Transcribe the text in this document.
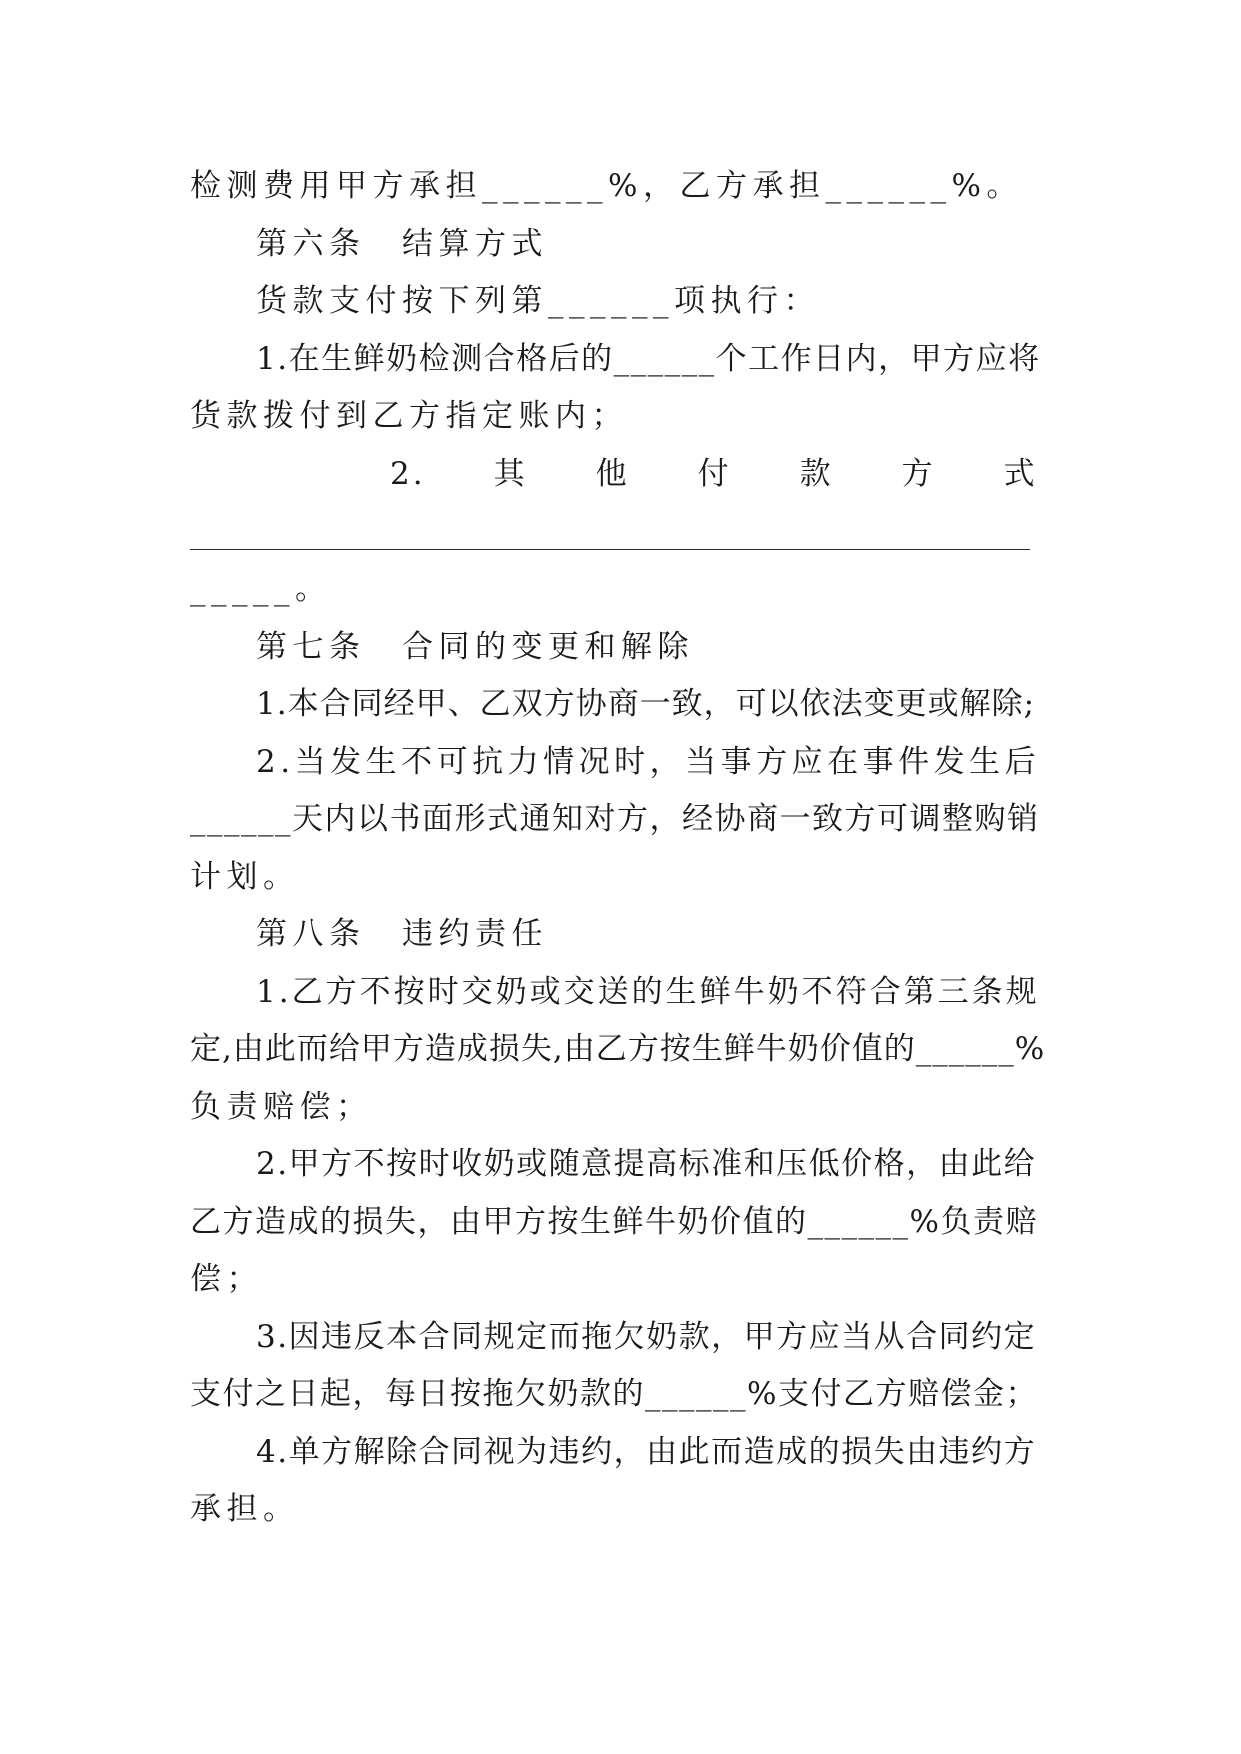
检测费用甲方承担______%，乙方承担______%。
第六条　结算方式
货款支付按下列第______项执行：
1.在生鲜奶检测合格后的______个工作日内，甲方应将
货款拨付到乙方指定账内；
2.　　其　　他　　付　　款　　方　　式
_____。
第七条　合同的变更和解除
1.本合同经甲、乙双方协商一致，可以依法变更或解除;
2.当发生不可抗力情况时，当事方应在事件发生后
______天内以书面形式通知对方，经协商一致方可调整购销
计划。
第八条　违约责任
1.乙方不按时交奶或交送的生鲜牛奶不符合第三条规
定,由此而给甲方造成损失,由乙方按生鲜牛奶价值的______%
负责赔偿；
2.甲方不按时收奶或随意提高标准和压低价格，由此给
乙方造成的损失，由甲方按生鲜牛奶价值的______%负责赔
偿；
3.因违反本合同规定而拖欠奶款，甲方应当从合同约定
支付之日起，每日按拖欠奶款的______%支付乙方赔偿金；
4.单方解除合同视为违约，由此而造成的损失由违约方
承担。
